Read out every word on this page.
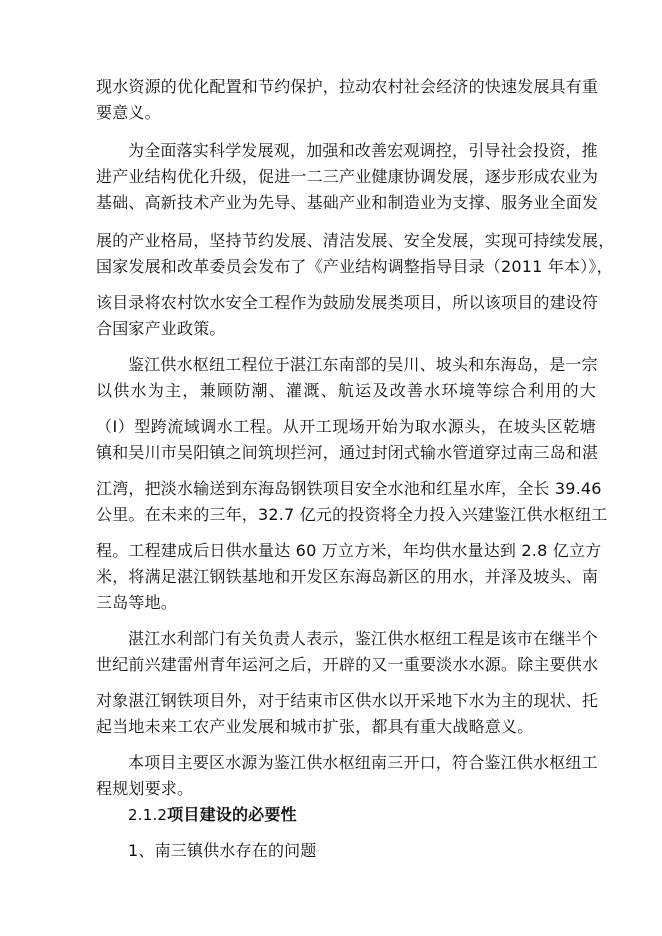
现水资源的优化配置和节约保护，拉动农村社会经济的快速发展具有重
要意义。
为全面落实科学发展观，加强和改善宏观调控，引导社会投资，推
进产业结构优化升级，促进一二三产业健康协调发展，逐步形成农业为
基础、高新技术产业为先导、基础产业和制造业为支撑、服务业全面发
展的产业格局，坚持节约发展、清洁发展、安全发展，实现可持续发展，
国家发展和改革委员会发布了《产业结构调整指导目录（2011 年本）》，
该目录将农村饮水安全工程作为鼓励发展类项目，所以该项目的建设符
合国家产业政策。
鉴江供水枢纽工程位于湛江东南部的吴川、坡头和东海岛，是一宗
以供水为主，兼顾防潮、灌溉、航运及改善水环境等综合利用的大
（Ⅰ）型跨流域调水工程。从开工现场开始为取水源头，在坡头区乾塘
镇和吴川市吴阳镇之间筑坝拦河，通过封闭式输水管道穿过南三岛和湛
江湾，把淡水输送到东海岛钢铁项目安全水池和红星水库，全长 39.46
公里。在未来的三年，32.7 亿元的投资将全力投入兴建鉴江供水枢纽工
程。工程建成后日供水量达 60 万立方米，年均供水量达到 2.8 亿立方
米，将满足湛江钢铁基地和开发区东海岛新区的用水，并泽及坡头、南
三岛等地。
湛江水利部门有关负责人表示，鉴江供水枢纽工程是该市在继半个
世纪前兴建雷州青年运河之后，开辟的又一重要淡水水源。除主要供水
对象湛江钢铁项目外，对于结束市区供水以开采地下水为主的现状、托
起当地未来工农产业发展和城市扩张，都具有重大战略意义。
本项目主要区水源为鉴江供水枢纽南三开口，符合鉴江供水枢纽工
程规划要求。
2.1.2项目建设的必要性
1、南三镇供水存在的问题
